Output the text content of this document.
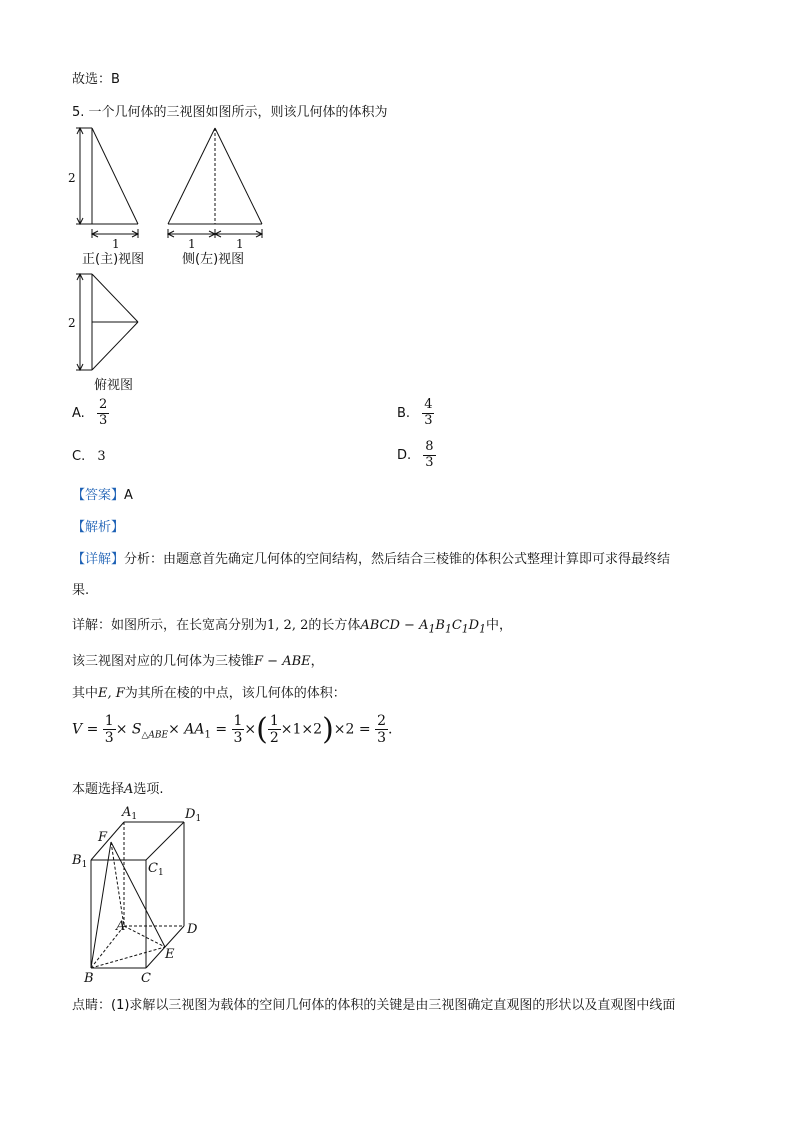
故选：B
5. 一个几何体的三视图如图所示，则该几何体的体积为
2
1	1	1
2
正(主)视图	侧(左)视图
俯视图
A. $\frac{2}{3}$	B. $\frac{4}{3}$
C. 3	D. $\frac{8}{3}$
【答案】A
【解析】
【详解】分析：由题意首先确定几何体的空间结构，然后结合三棱锥的体积公式整理计算即可求得最终结
果.
详解：如图所示，在长宽高分别为1, 2, 2的长方体ABCD − $A_1B_1C_1D_1$中，
该三视图对应的几何体为三棱锥F − ABE，
其中E, F为其所在棱的中点，该几何体的体积：
$V = \frac{1}{3} \times S_{\triangle ABE}\times AA_1 = \frac{1}{3}$ ×( $\frac{1}{2} \times 1\times 2)\times 2 = \frac{2}{3}$ .
本题选择A选项.
$A_1$	$D_1$
F
$B_1$	$C_1$
A	D
E
B	C
点睛：(1)求解以三视图为载体的空间几何体的体积的关键是由三视图确定直观图的形状以及直观图中线面
